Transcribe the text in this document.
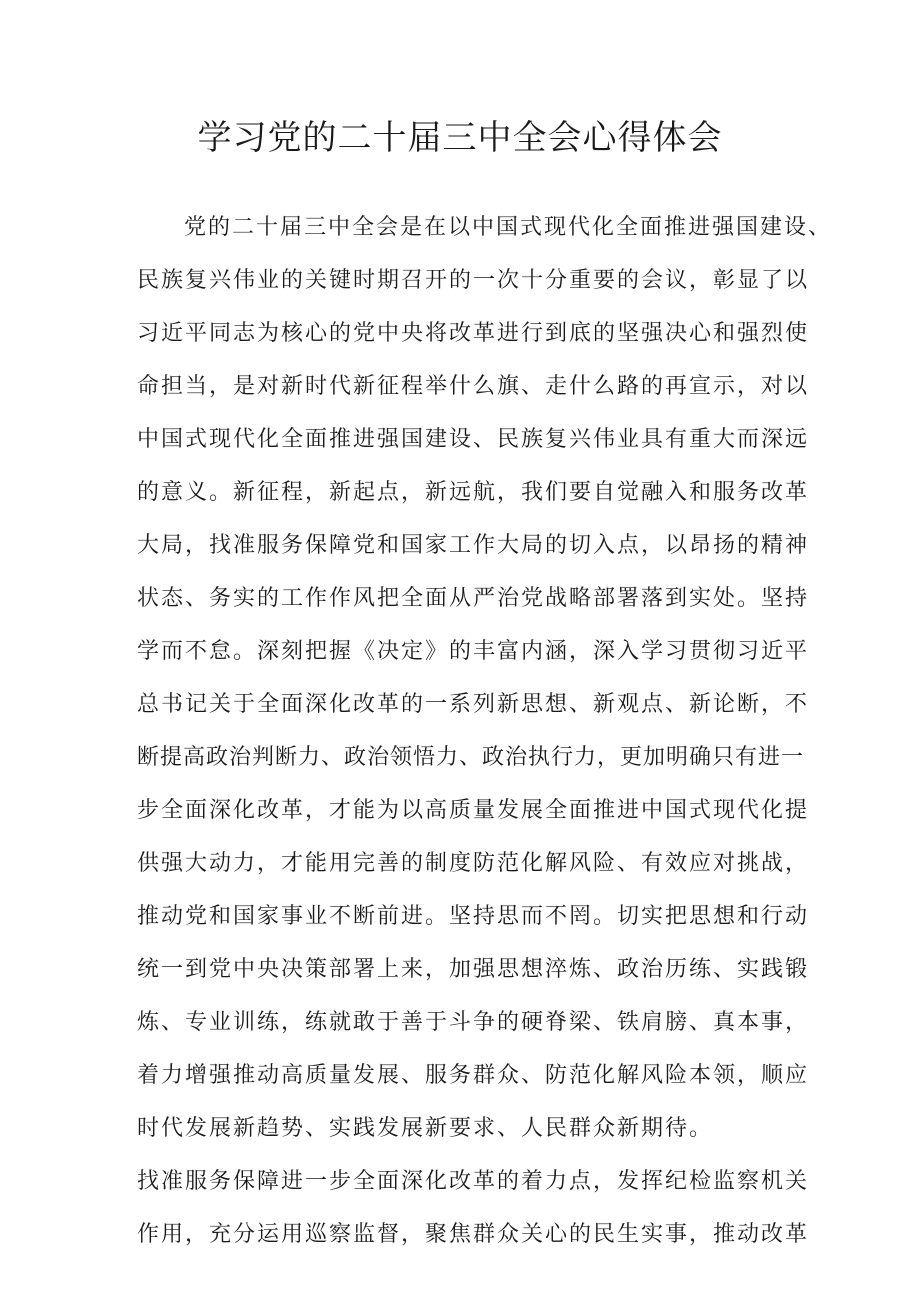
学习党的二十届三中全会心得体会
党的二十届三中全会是在以中国式现代化全面推进强国建设、
民族复兴伟业的关键时期召开的一次十分重要的会议，彰显了以
习近平同志为核心的党中央将改革进行到底的坚强决心和强烈使
命担当，是对新时代新征程举什么旗、走什么路的再宣示，对以
中国式现代化全面推进强国建设、民族复兴伟业具有重大而深远
的意义。新征程，新起点，新远航，我们要自觉融入和服务改革
大局，找准服务保障党和国家工作大局的切入点，以昂扬的精神
状态、务实的工作作风把全面从严治党战略部署落到实处。坚持
学而不怠。深刻把握《决定》的丰富内涵，深入学习贯彻习近平
总书记关于全面深化改革的一系列新思想、新观点、新论断，不
断提高政治判断力、政治领悟力、政治执行力，更加明确只有进一
步全面深化改革，才能为以高质量发展全面推进中国式现代化提
供强大动力，才能用完善的制度防范化解风险、有效应对挑战，
推动党和国家事业不断前进。坚持思而不罔。切实把思想和行动
统一到党中央决策部署上来，加强思想淬炼、政治历练、实践锻
炼、专业训练，练就敢于善于斗争的硬脊梁、铁肩膀、真本事，
着力增强推动高质量发展、服务群众、防范化解风险本领，顺应
时代发展新趋势、实践发展新要求、人民群众新期待。
找准服务保障进一步全面深化改革的着力点，发挥纪检监察机关
作用，充分运用巡察监督，聚焦群众关心的民生实事，推动改革
